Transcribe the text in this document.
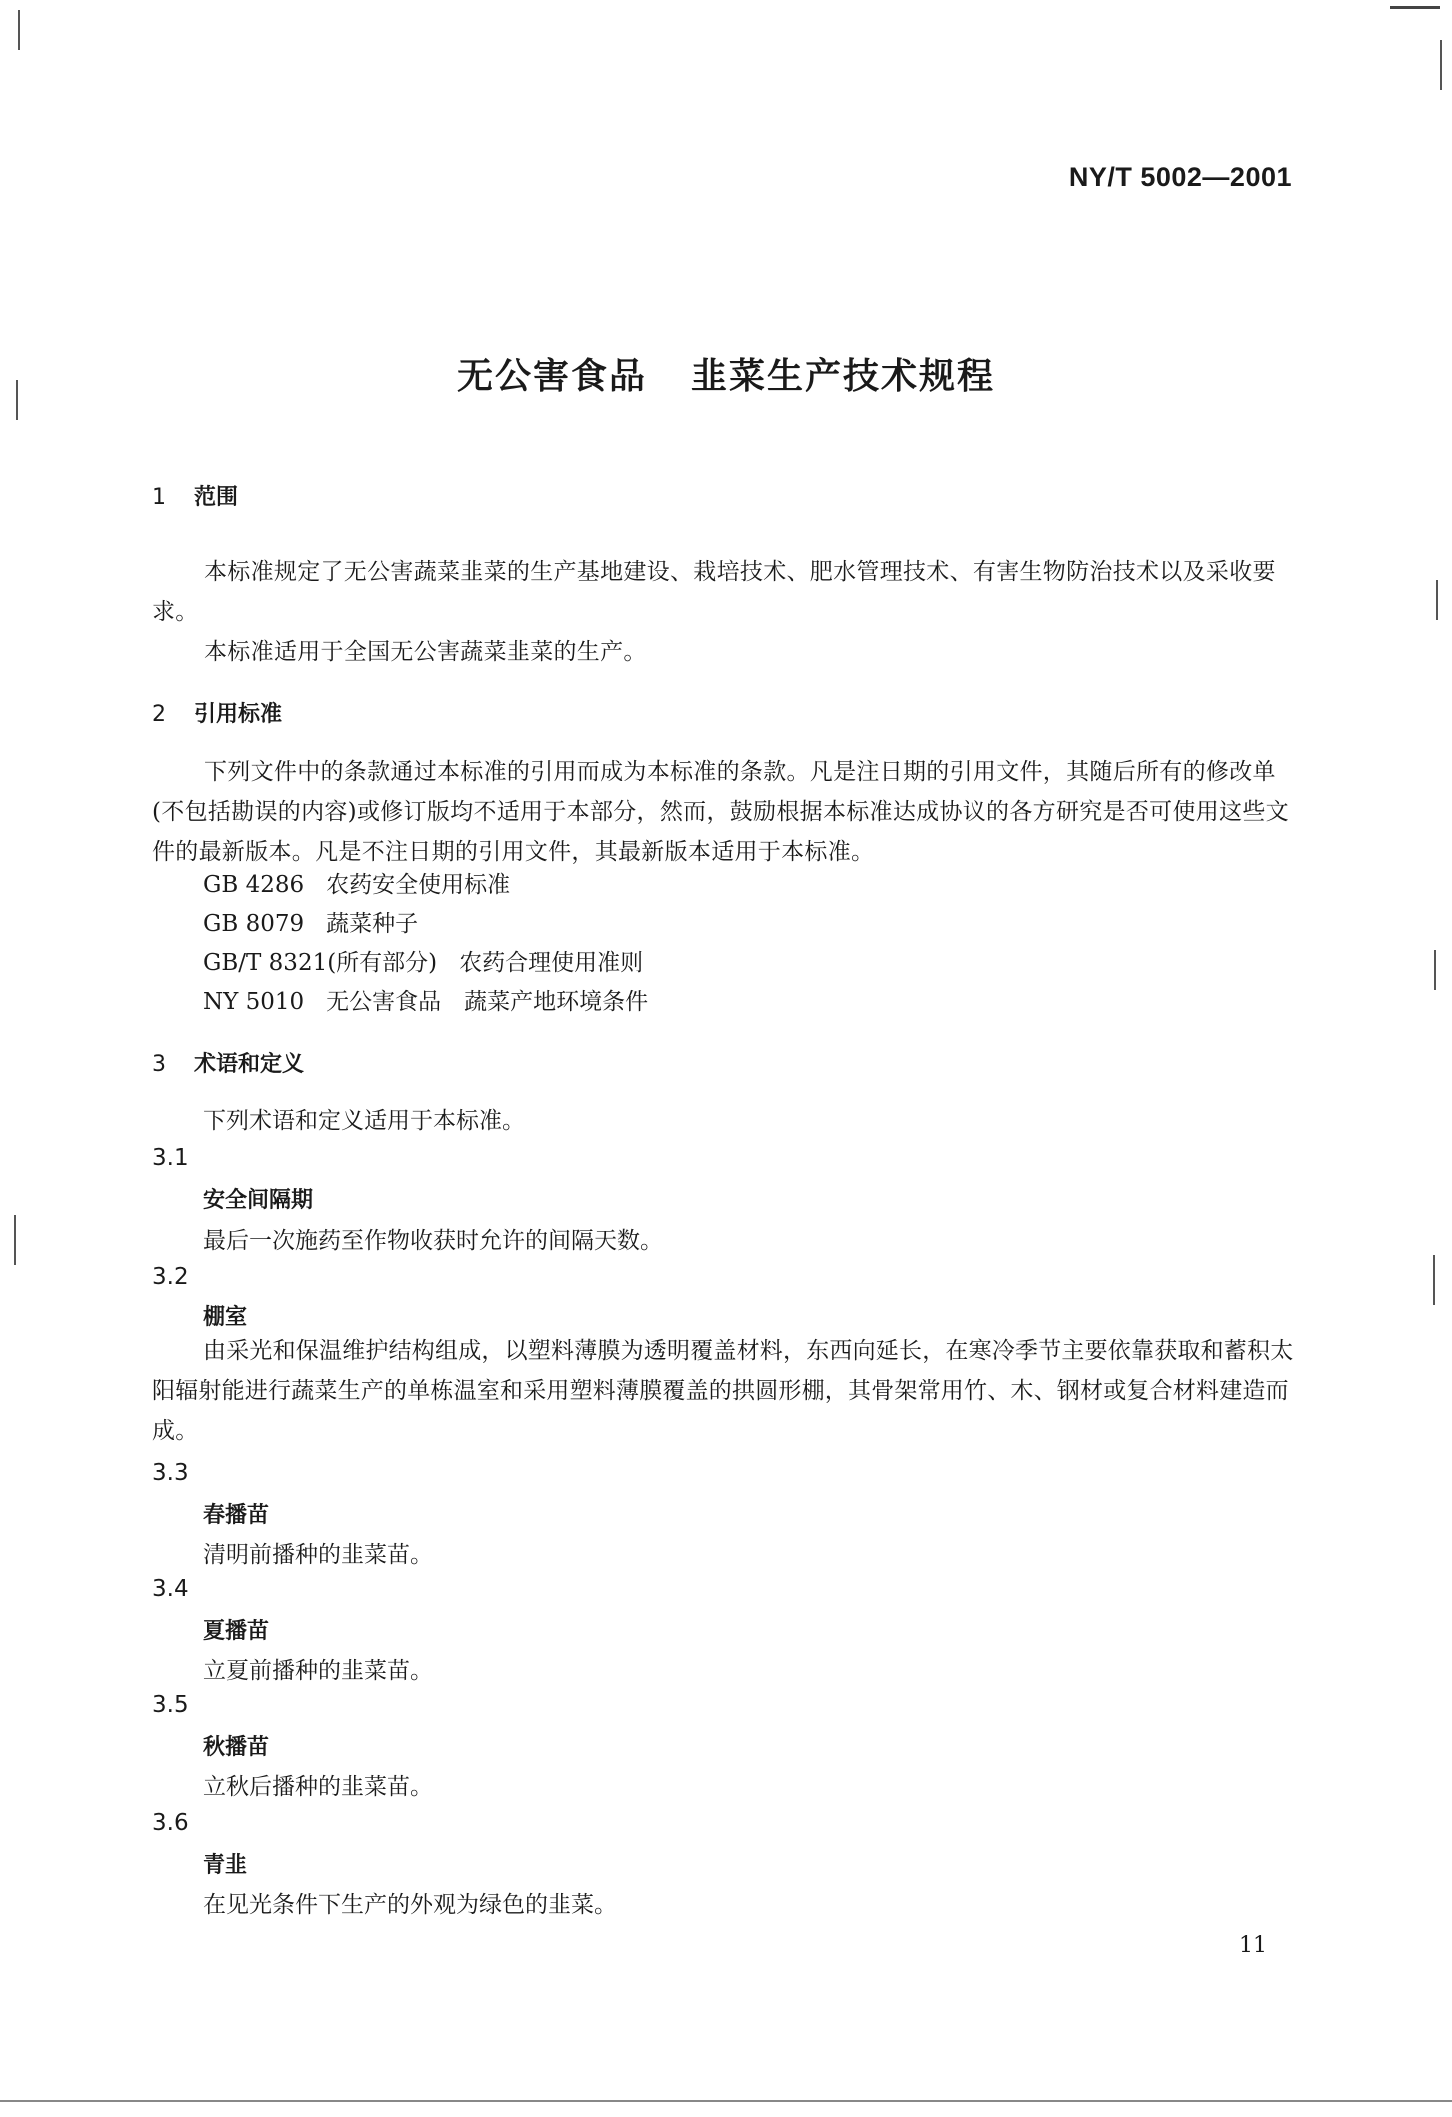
NY/T 5002—2001
无公害食品 韭菜生产技术规程
1 范围
本标准规定了无公害蔬菜韭菜的生产基地建设、栽培技术、肥水管理技术、有害生物防治技术以及采收要求。
本标准适用于全国无公害蔬菜韭菜的生产。
2 引用标准
下列文件中的条款通过本标准的引用而成为本标准的条款。凡是注日期的引用文件，其随后所有的修改单(不包括勘误的内容)或修订版均不适用于本部分，然而，鼓励根据本标准达成协议的各方研究是否可使用这些文件的最新版本。凡是不注日期的引用文件，其最新版本适用于本标准。
GB 4286 农药安全使用标准
GB 8079 蔬菜种子
GB/T 8321(所有部分) 农药合理使用准则
NY 5010 无公害食品　蔬菜产地环境条件
3 术语和定义
下列术语和定义适用于本标准。
3.1
安全间隔期
最后一次施药至作物收获时允许的间隔天数。
3.2
棚室
由采光和保温维护结构组成，以塑料薄膜为透明覆盖材料，东西向延长，在寒冷季节主要依靠获取和蓄积太阳辐射能进行蔬菜生产的单栋温室和采用塑料薄膜覆盖的拱圆形棚，其骨架常用竹、木、钢材或复合材料建造而成。
3.3
春播苗
清明前播种的韭菜苗。
3.4
夏播苗
立夏前播种的韭菜苗。
3.5
秋播苗
立秋后播种的韭菜苗。
3.6
青韭
在见光条件下生产的外观为绿色的韭菜。
11
